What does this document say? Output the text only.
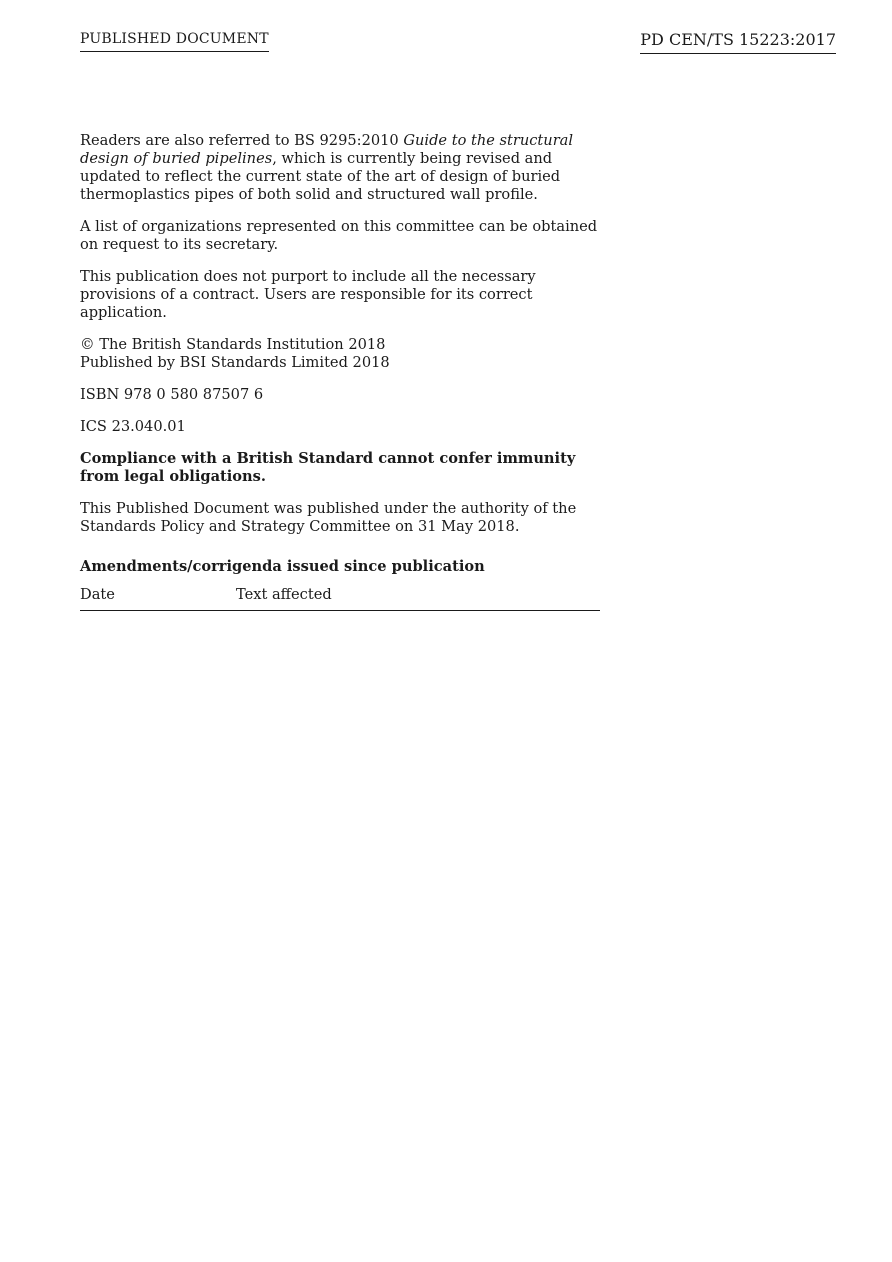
PUBLISHED DOCUMENT	PD CEN/TS 15223:2017

Readers are also referred to BS 9295:2010 Guide to the structural design of buried pipelines, which is currently being revised and updated to reflect the current state of the art of design of buried thermoplastics pipes of both solid and structured wall profile.

A list of organizations represented on this committee can be obtained on request to its secretary.

This publication does not purport to include all the necessary provisions of a contract. Users are responsible for its correct application.

© The British Standards Institution 2018
Published by BSI Standards Limited 2018

ISBN 978 0 580 87507 6

ICS 23.040.01

Compliance with a British Standard cannot confer immunity from legal obligations.

This Published Document was published under the authority of the Standards Policy and Strategy Committee on 31 May 2018.

Amendments/corrigenda issued since publication

Date	Text affected
